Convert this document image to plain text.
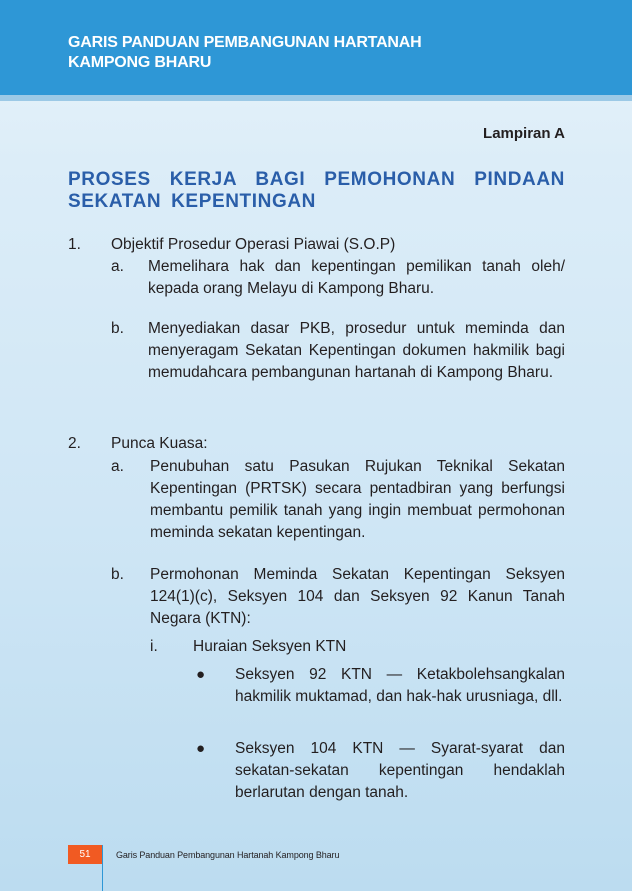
GARIS PANDUAN PEMBANGUNAN HARTANAH
KAMPONG BHARU
Lampiran A
PROSES KERJA BAGI PEMOHONAN PINDAAN SEKATAN KEPENTINGAN
1. Objektif Prosedur Operasi Piawai (S.O.P)
a. Memelihara hak dan kepentingan pemilikan tanah oleh/ kepada orang Melayu di Kampong Bharu.
b. Menyediakan dasar PKB, prosedur untuk meminda dan menyeragam Sekatan Kepentingan dokumen hakmilik bagi memudahcara pembangunan hartanah di Kampong Bharu.
2. Punca Kuasa:
a. Penubuhan satu Pasukan Rujukan Teknikal Sekatan Kepentingan (PRTSK) secara pentadbiran yang berfungsi membantu pemilik tanah yang ingin membuat permohonan meminda sekatan kepentingan.
b. Permohonan Meminda Sekatan Kepentingan Seksyen 124(1)(c), Seksyen 104 dan Seksyen 92 Kanun Tanah Negara (KTN):
i. Huraian Seksyen KTN
● Seksyen 92 KTN — Ketakbolehsangkalan hakmilik muktamad, dan hak-hak urusniaga, dll.
● Seksyen 104 KTN — Syarat-syarat dan sekatan-sekatan kepentingan hendaklah berlarutan dengan tanah.
51	Garis Panduan Pembangunan Hartanah Kampong Bharu
